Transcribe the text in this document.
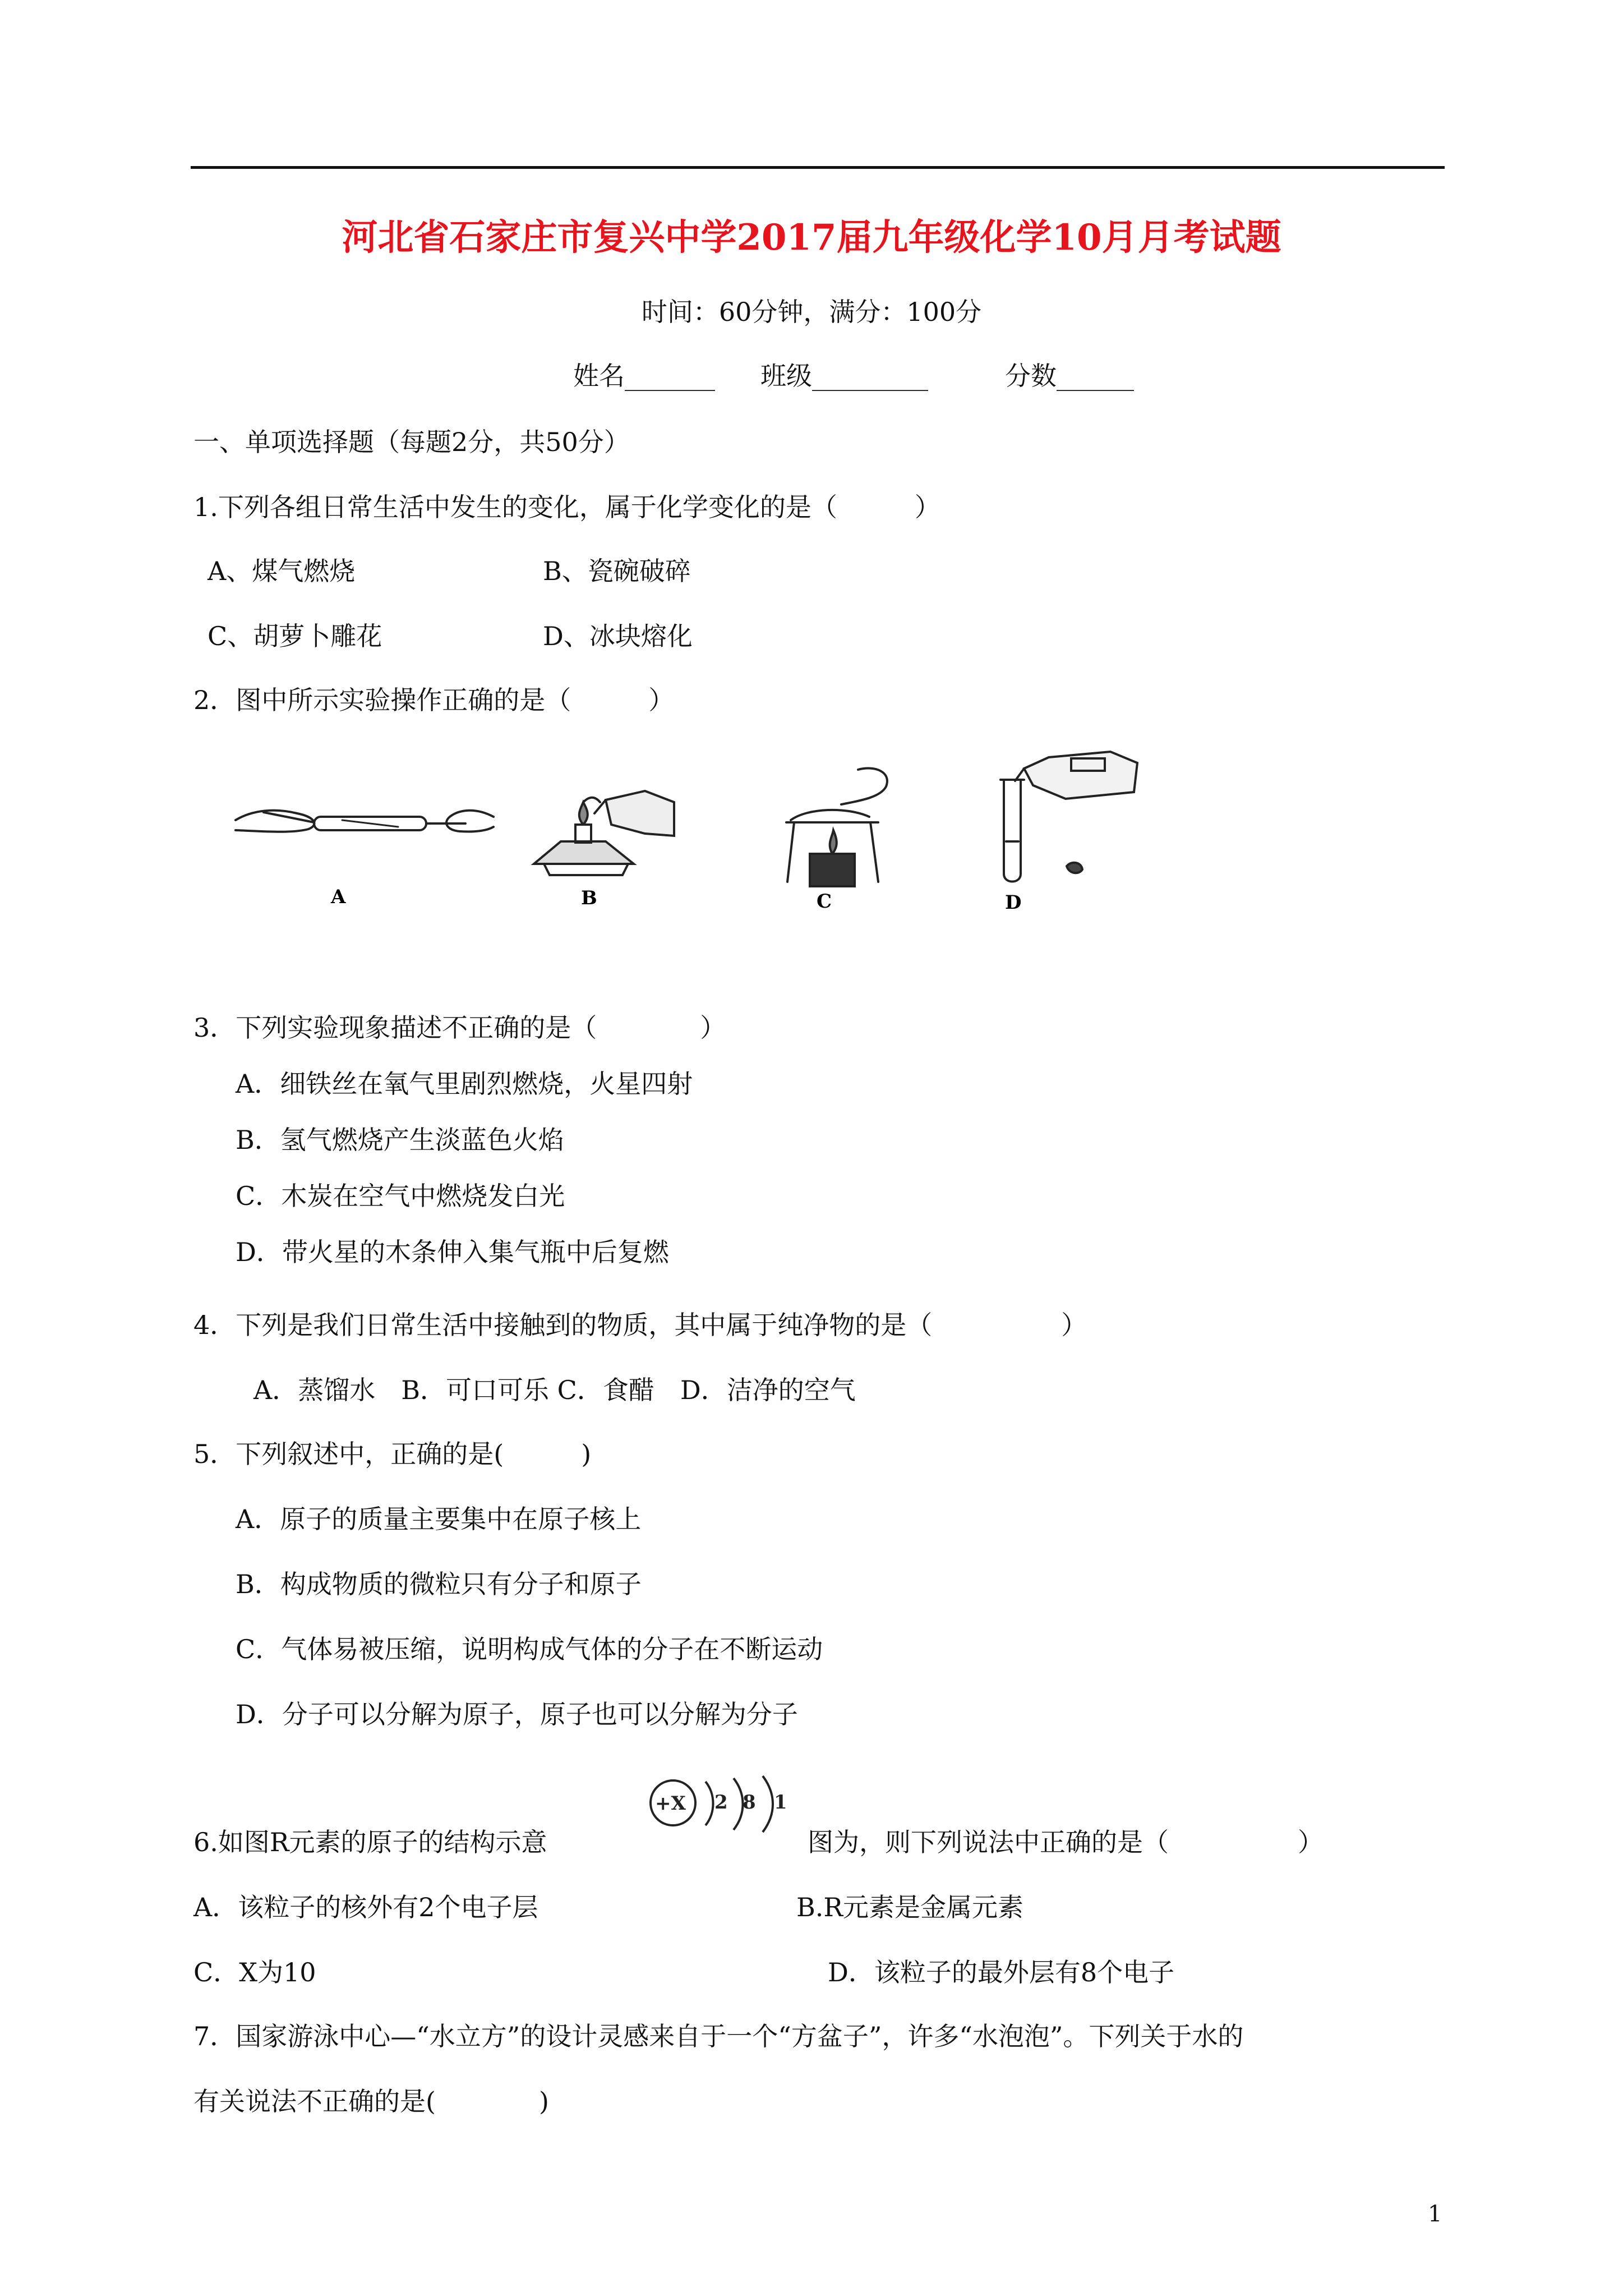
河北省石家庄市复兴中学2017届九年级化学10月月考试题
时间：60分钟，满分：100分
姓名_______ 班级_________	分数______
一、单项选择题（每题2分，共50分）
1.下列各组日常生活中发生的变化，属于化学变化的是（　　　）
A、煤气燃烧	B、瓷碗破碎
C、胡萝卜雕花	D、冰块熔化
2．图中所示实验操作正确的是（　　　）
A	B	C	D
3．下列实验现象描述不正确的是（　　　　）
A．细铁丝在氧气里剧烈燃烧，火星四射
B．氢气燃烧产生淡蓝色火焰
C．木炭在空气中燃烧发白光
D．带火星的木条伸入集气瓶中后复燃
4．下列是我们日常生活中接触到的物质，其中属于纯净物的是（　　　　　）
A．蒸馏水　B．可口可乐 C．食醋　D．洁净的空气
5．下列叙述中，正确的是(　　　)
A．原子的质量主要集中在原子核上
B．构成物质的微粒只有分子和原子
C．气体易被压缩，说明构成气体的分子在不断运动
D．分子可以分解为原子，原子也可以分解为分子
6.如图R元素的原子的结构示意
+X 2 8 1
图为，则下列说法中正确的是（　　　　　）
A．该粒子的核外有2个电子层	B.R元素是金属元素
C．X为10	D．该粒子的最外层有8个电子
7．国家游泳中心—“水立方”的设计灵感来自于一个“方盆子”，许多“水泡泡”。下列关于水的
有关说法不正确的是(　　　　)
1
